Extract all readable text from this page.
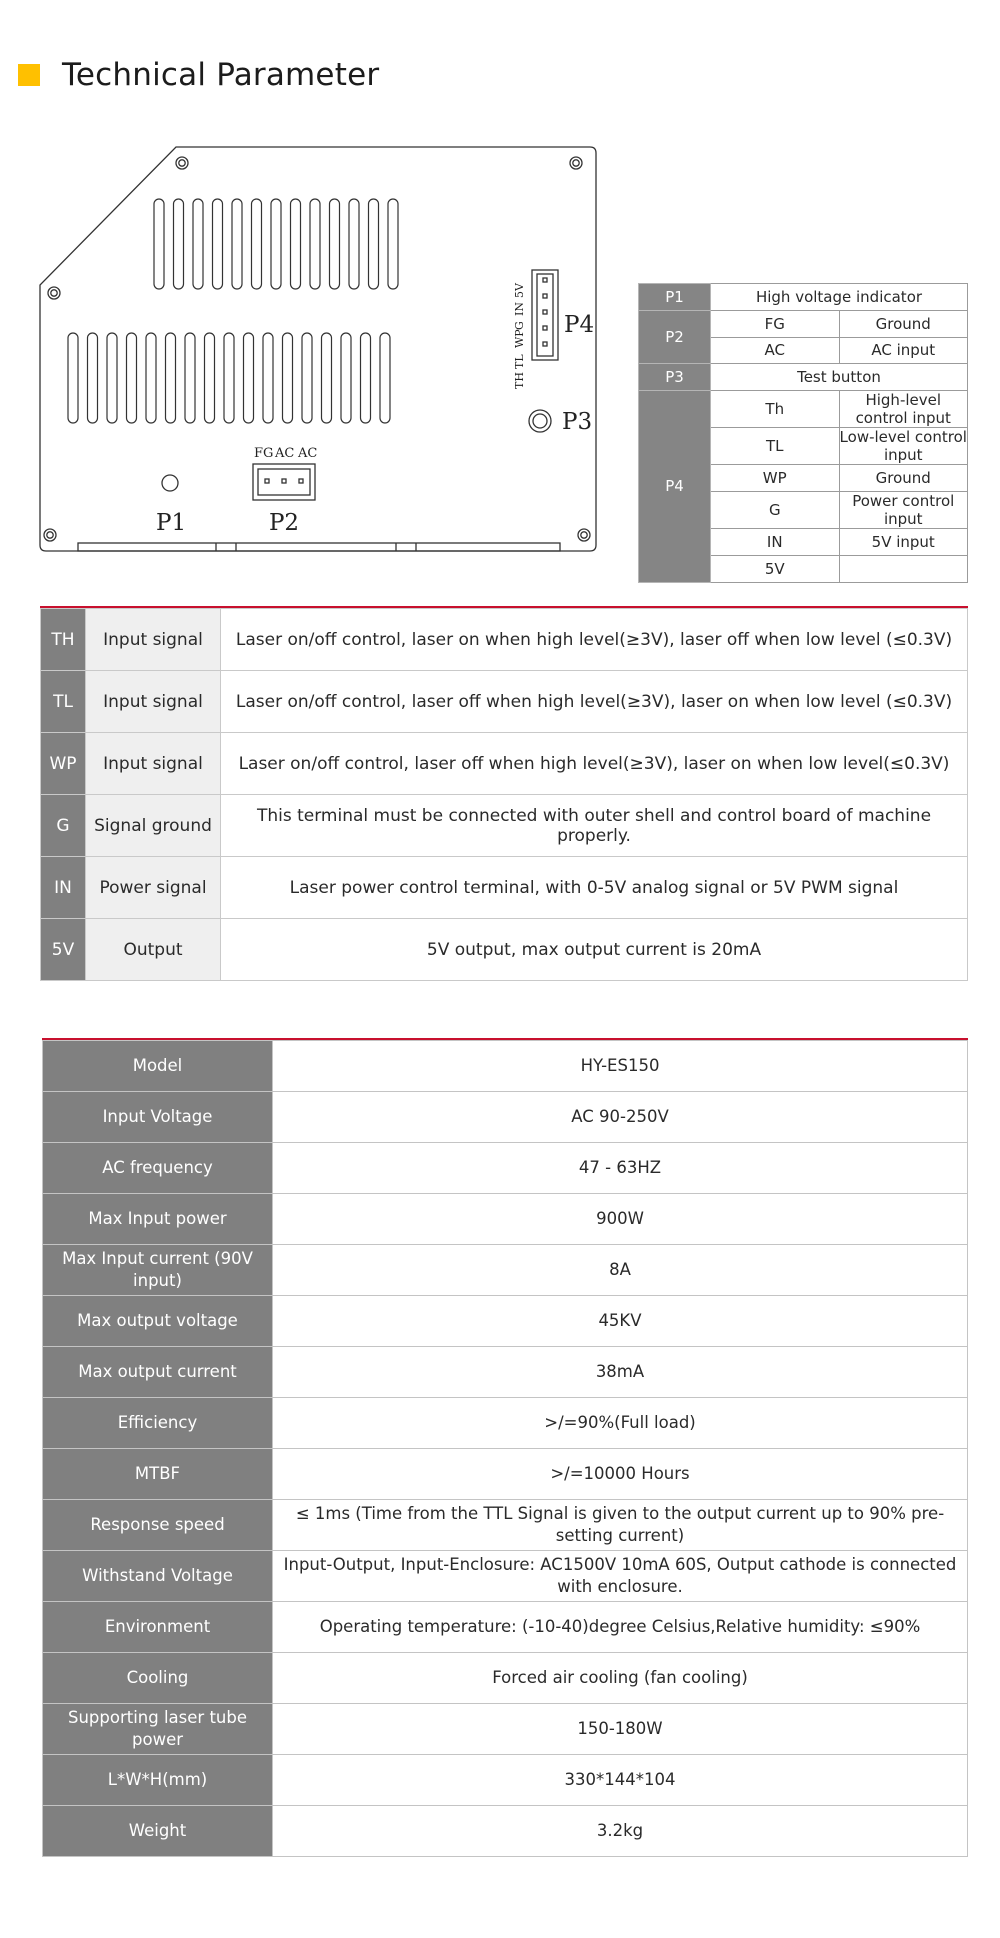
Technical Parameter
FG AC AC
TH
TL
WP
G
IN
5V
P1	P2
P3
P4
P1	High voltage indicator	
P2	FG	Ground
	AC	AC input
P3	Test button	
P4	Th	High-level control input
	TL	Low-level control input
	WP	Ground
	G	Power control input
	IN	5V input
	5V	
TH	Input signal	Laser on/off control, laser on when high level(≥3V), laser off when low level (≤0.3V)
TL	Input signal	Laser on/off control, laser off when high level(≥3V), laser on when low level (≤0.3V)
WP	Input signal	Laser on/off control, laser off when high level(≥3V), laser on when low level(≤0.3V)
G	Signal ground	This terminal must be connected with outer shell and control board of machine properly.
IN	Power signal	Laser power control terminal, with 0-5V analog signal or 5V PWM signal
5V	Output	5V output, max output current is 20mA
Model	HY-ES150
Input Voltage	AC 90-250V
AC frequency	47 - 63HZ
Max Input power	900W
Max Input current (90V input)	8A
Max output voltage	45KV
Max output current	38mA
Efficiency	>/=90%(Full load)
MTBF	>/=10000 Hours
Response speed	≤ 1ms (Time from the TTL Signal is given to the output current up to 90% pre-setting current)
Withstand Voltage	Input-Output, Input-Enclosure: AC1500V 10mA 60S, Output cathode is connected with enclosure.
Environment	Operating temperature: (-10-40)degree Celsius,Relative humidity: ≤90%
Cooling	Forced air cooling (fan cooling)
Supporting laser tube power	150-180W
L*W*H(mm)	330*144*104
Weight	3.2kg
